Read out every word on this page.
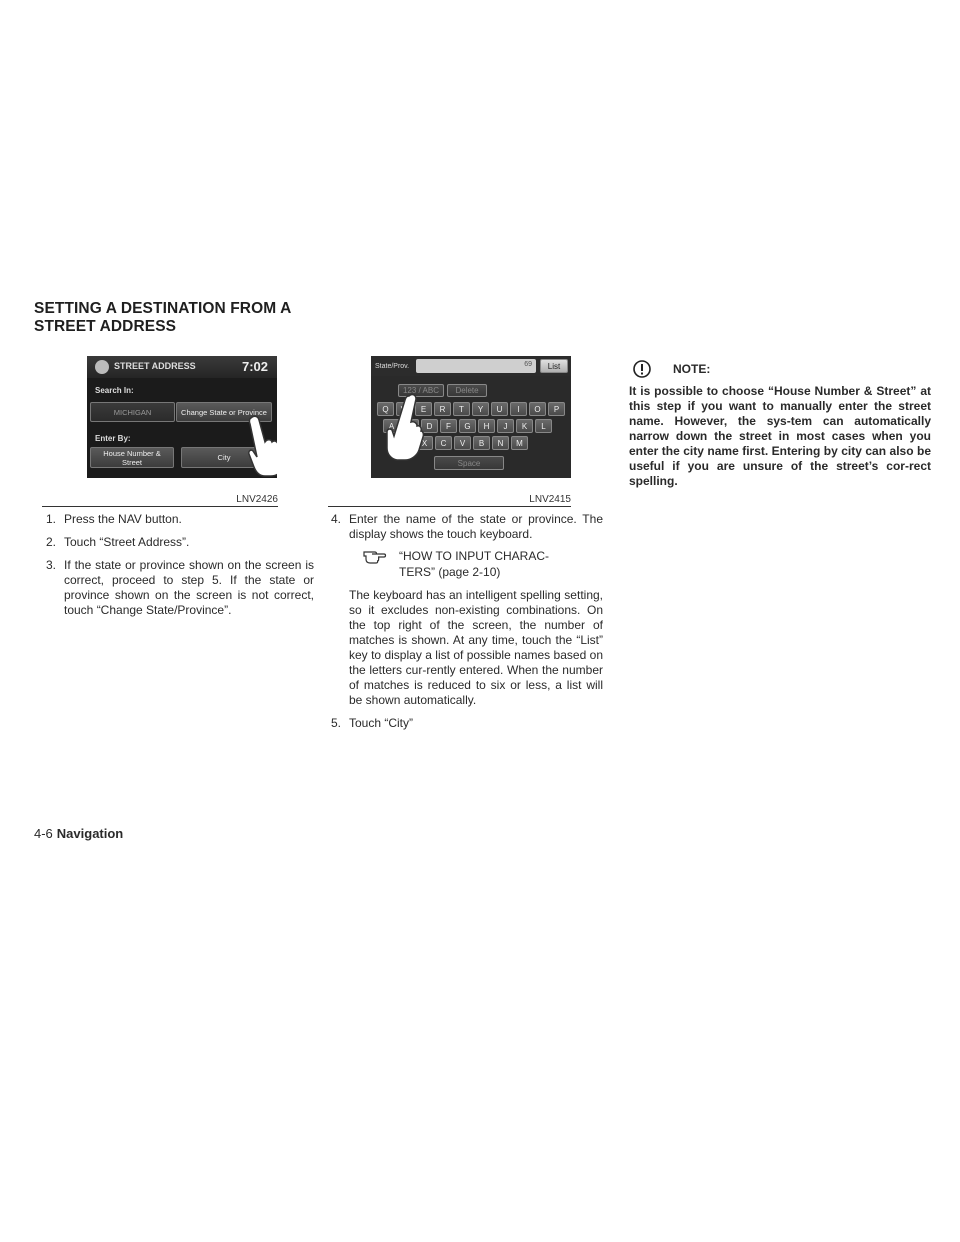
SETTING A DESTINATION FROM A
STREET ADDRESS
STREET ADDRESS	7:02
Search In:
MICHIGAN	Change State or Province
Enter By:
House Number &
Street	City
LNV2426
State/Prov.	69	List
123 / ABC	Delete
Q	E	R	T	Y	U	I	O	P
A	D	F	G	H	J	K	L
X	C	V	B	N	M
Space
LNV2415
1. Press the NAV button.
2. Touch “Street Address”.
3. If the state or province shown on the screen is correct, proceed to step 5. If the state or province shown on the screen is not correct, touch “Change State/Province”.
4. Enter the name of the state or province. The display shows the touch keyboard.
“HOW TO INPUT CHARAC-
TERS” (page 2-10)
The keyboard has an intelligent spelling setting, so it excludes non-existing combinations. On the top right of the screen, the number of matches is shown. At any time, touch the “List” key to display a list of possible names based on the letters cur-rently entered. When the number of matches is reduced to six or less, a list will be shown automatically.
5. Touch “City”
NOTE:
It is possible to choose “House Number & Street” at this step if you want to manually enter the street name. However, the sys-tem can automatically narrow down the street in most cases when you enter the city name first. Entering by city can also be useful if you are unsure of the street’s cor-rect spelling.
4-6 Navigation
